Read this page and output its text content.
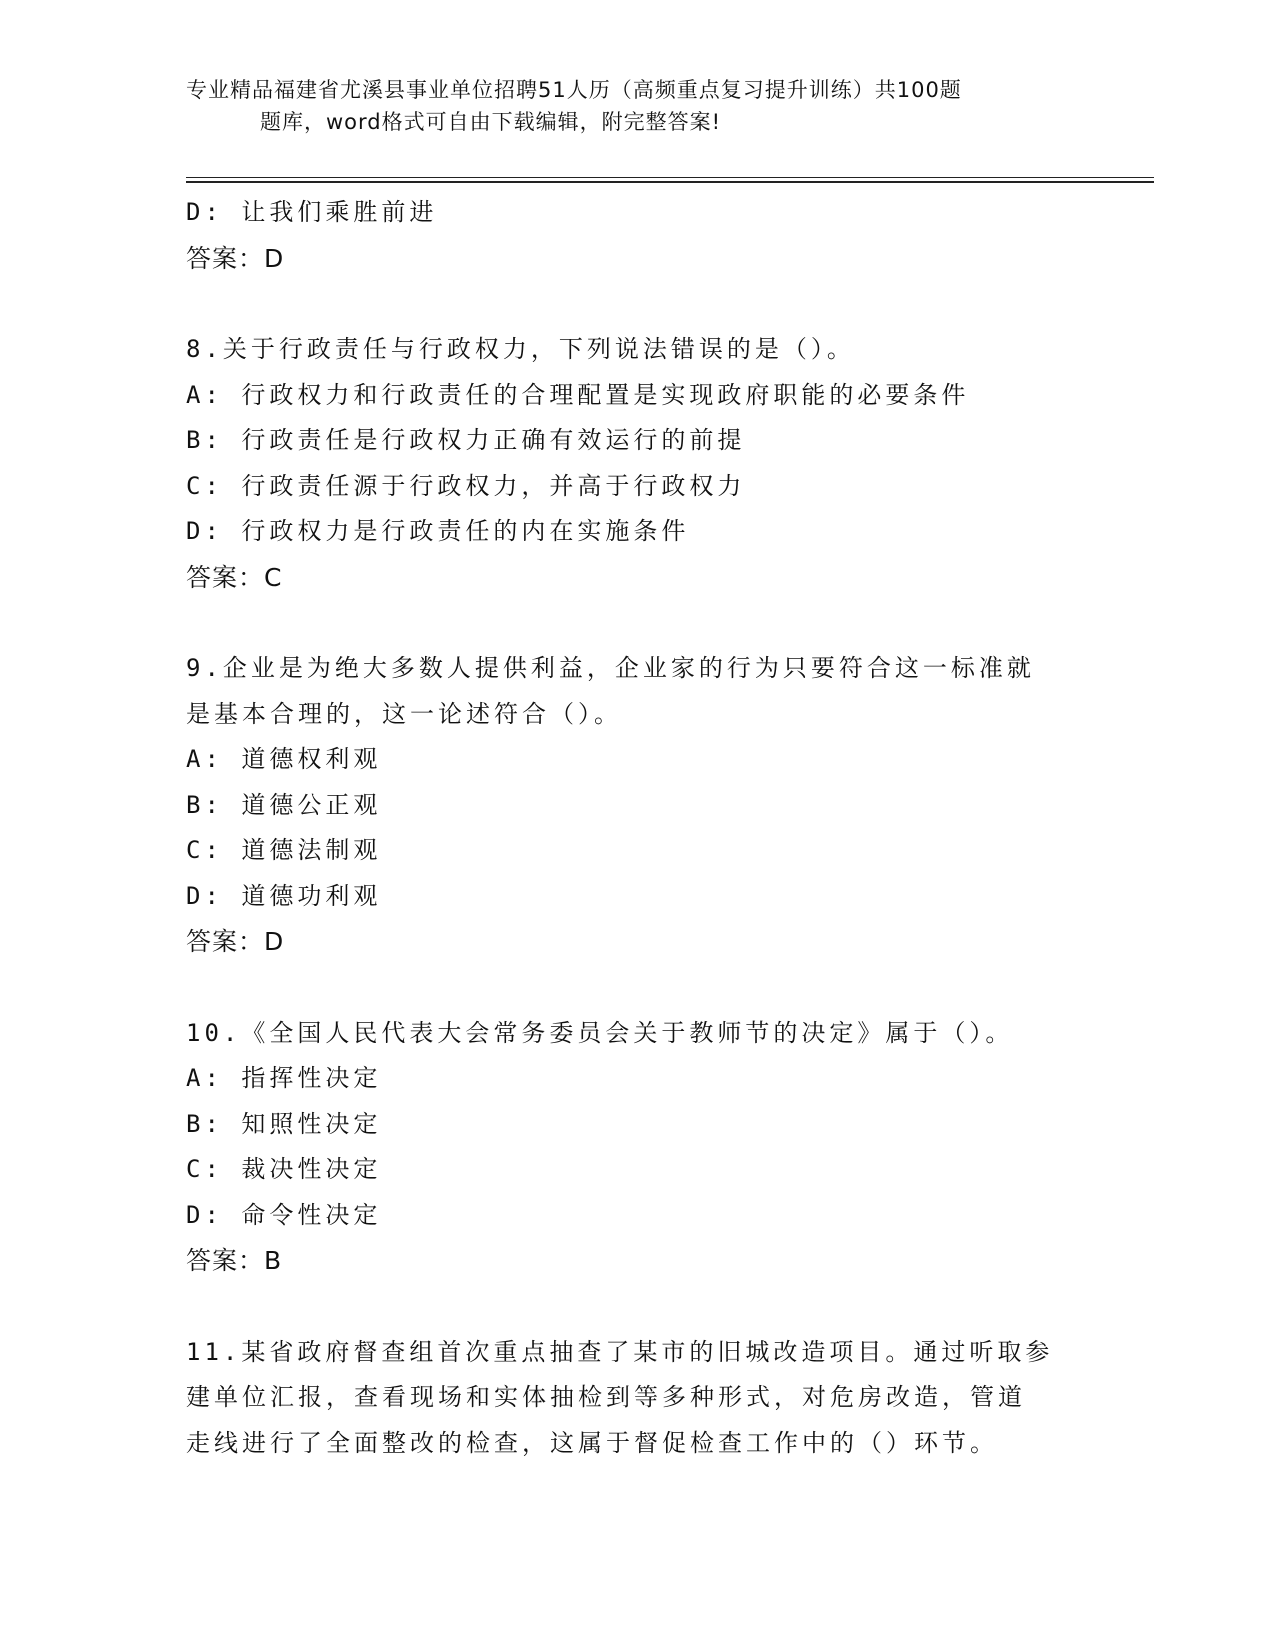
专业精品福建省尤溪县事业单位招聘51人历（高频重点复习提升训练）共100题
题库，word格式可自由下载编辑，附完整答案!
D: 让我们乘胜前进
答案：D
8.关于行政责任与行政权力，下列说法错误的是（）。
A: 行政权力和行政责任的合理配置是实现政府职能的必要条件
B: 行政责任是行政权力正确有效运行的前提
C: 行政责任源于行政权力，并高于行政权力
D: 行政权力是行政责任的内在实施条件
答案：C
9.企业是为绝大多数人提供利益，企业家的行为只要符合这一标准就
是基本合理的，这一论述符合（）。
A: 道德权利观
B: 道德公正观
C: 道德法制观
D: 道德功利观
答案：D
10.《全国人民代表大会常务委员会关于教师节的决定》属于（）。
A: 指挥性决定
B: 知照性决定
C: 裁决性决定
D: 命令性决定
答案：B
11.某省政府督查组首次重点抽查了某市的旧城改造项目。通过听取参
建单位汇报，查看现场和实体抽检到等多种形式，对危房改造，管道
走线进行了全面整改的检查，这属于督促检查工作中的（）环节。
